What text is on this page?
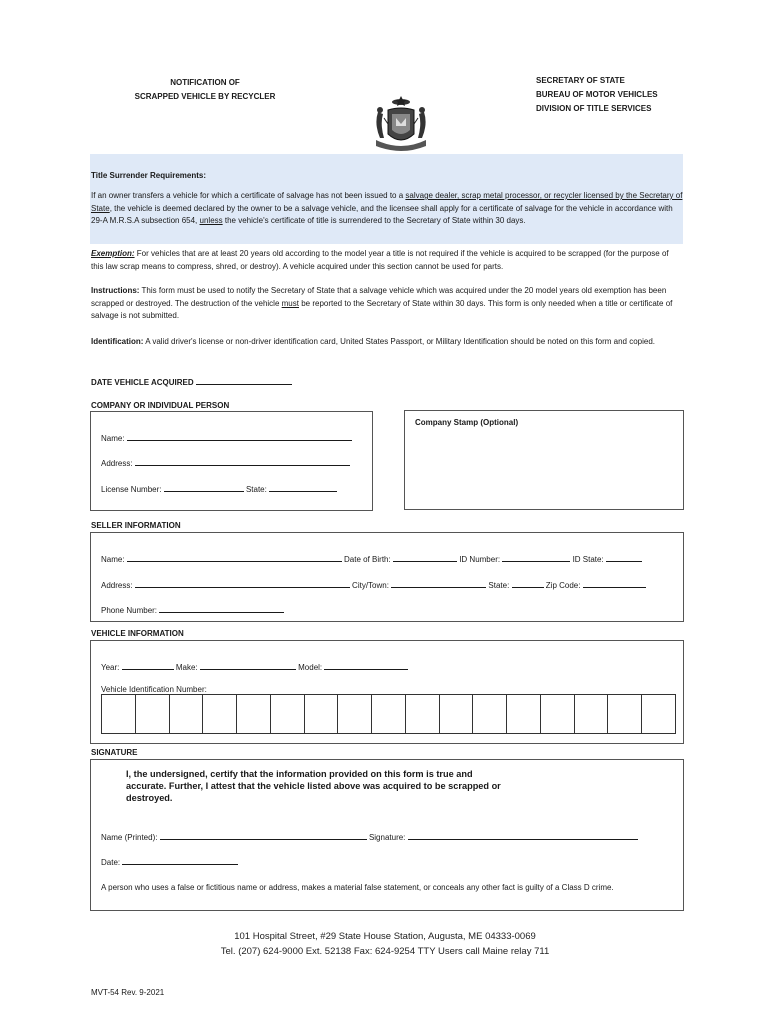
NOTIFICATION OF
SCRAPPED VEHICLE BY RECYCLER
SECRETARY OF STATE
BUREAU OF MOTOR VEHICLES
DIVISION OF TITLE SERVICES
Title Surrender Requirements:
If an owner transfers a vehicle for which a certificate of salvage has not been issued to a salvage dealer, scrap metal processor, or recycler licensed by the Secretary of State, the vehicle is deemed declared by the owner to be a salvage vehicle, and the licensee shall apply for a certificate of salvage for the vehicle in accordance with 29-A M.R.S.A subsection 654, unless the vehicle's certificate of title is surrendered to the Secretary of State within 30 days.
Exemption: For vehicles that are at least 20 years old according to the model year a title is not required if the vehicle is acquired to be scrapped (for the purpose of this law scrap means to compress, shred, or destroy). A vehicle acquired under this section cannot be used for parts.
Instructions: This form must be used to notify the Secretary of State that a salvage vehicle which was acquired under the 20 model years old exemption has been scrapped or destroyed. The destruction of the vehicle must be reported to the Secretary of State within 30 days. This form is only needed when a title or certificate of salvage is not submitted.
Identification: A valid driver's license or non-driver identification card, United States Passport, or Military Identification should be noted on this form and copied.
DATE VEHICLE ACQUIRED
COMPANY OR INDIVIDUAL PERSON
Name:
Address:
License Number:	State:
Company Stamp (Optional)
SELLER INFORMATION
Name:	Date of Birth:	ID Number:	ID State:
Address:	City/Town:	State:	Zip Code:
Phone Number:
VEHICLE INFORMATION
Year:	Make:	Model:
Vehicle Identification Number:
SIGNATURE
I, the undersigned, certify that the information provided on this form is true and
accurate. Further, I attest that the vehicle listed above was acquired to be scrapped or
destroyed.
Name (Printed):	Signature:
Date:
A person who uses a false or fictitious name or address, makes a material false statement, or conceals any other fact is guilty of a Class D crime.
101 Hospital Street, #29 State House Station, Augusta, ME 04333-0069
Tel. (207) 624-9000 Ext. 52138 Fax: 624-9254 TTY Users call Maine relay 711
MVT-54 Rev. 9-2021
